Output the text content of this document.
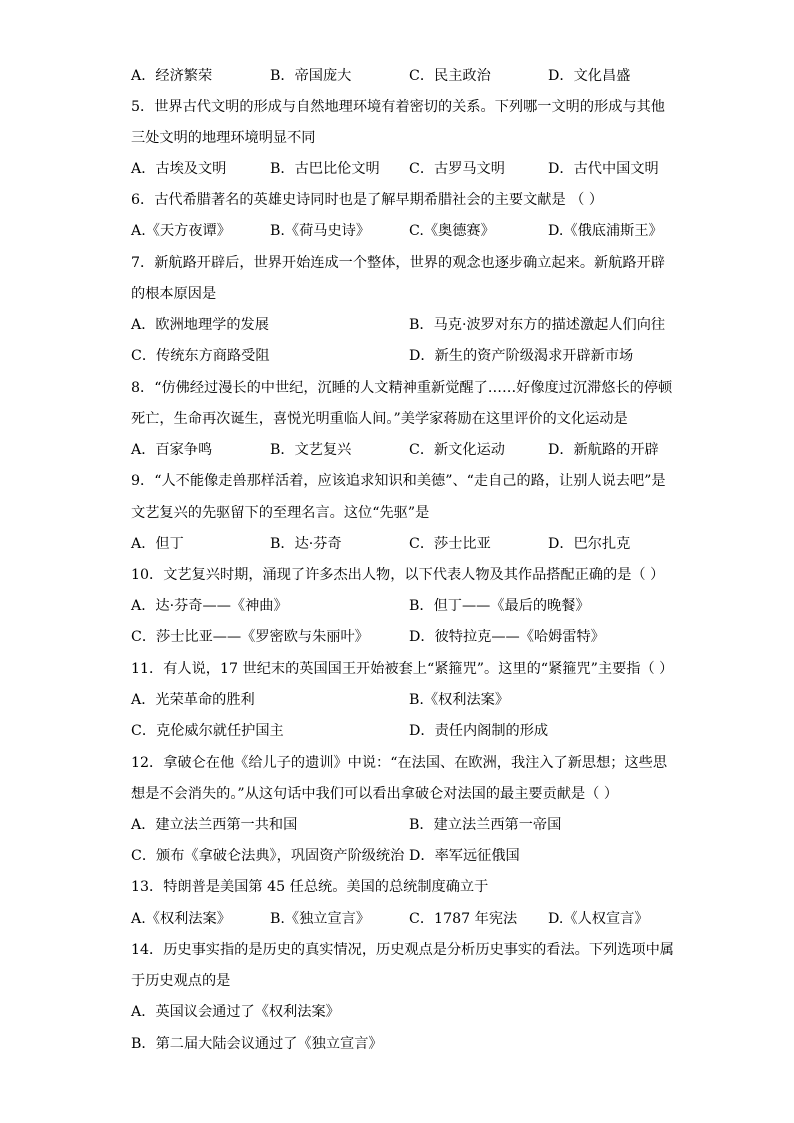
A．经济繁荣	B．帝国庞大	C．民主政治	D．文化昌盛
5．世界古代文明的形成与自然地理环境有着密切的关系。下列哪一文明的形成与其他
三处文明的地理环境明显不同
A．古埃及文明	B．古巴比伦文明 C．古罗马文明	D．古代中国文明
6．古代希腊著名的英雄史诗同时也是了解早期希腊社会的主要文献是 （ ）
A.《天方夜谭》	B.《荷马史诗》	C.《奥德赛》	D.《俄底浦斯王》
7．新航路开辟后，世界开始连成一个整体，世界的观念也逐步确立起来。新航路开辟
的根本原因是
A．欧洲地理学的发展	B．马克·波罗对东方的描述激起人们向往
C．传统东方商路受阻	D．新生的资产阶级渴求开辟新市场
8．“仿佛经过漫长的中世纪，沉睡的人文精神重新觉醒了……好像度过沉滞悠长的停顿
死亡，生命再次诞生，喜悦光明重临人间。”美学家蒋励在这里评价的文化运动是
A．百家争鸣	B．文艺复兴	C．新文化运动	D．新航路的开辟
9．“人不能像走兽那样活着，应该追求知识和美德”、“走自己的路，让别人说去吧”是
文艺复兴的先驱留下的至理名言。这位“先驱”是
A．但丁	B．达·芬奇	C．莎士比亚	D．巴尔扎克
10．文艺复兴时期，涌现了许多杰出人物，以下代表人物及其作品搭配正确的是（ ）
A．达·芬奇——《神曲》	B．但丁——《最后的晚餐》
C．莎士比亚——《罗密欧与朱丽叶》	D．彼特拉克——《哈姆雷特》
11．有人说，17 世纪末的英国国王开始被套上“紧箍咒”。这里的“紧箍咒”主要指（ ）
A．光荣革命的胜利	B.《权利法案》
C．克伦威尔就任护国主	D．责任内阁制的形成
12．拿破仑在他《给儿子的遗训》中说：“在法国、在欧洲，我注入了新思想；这些思
想是不会消失的。”从这句话中我们可以看出拿破仑对法国的最主要贡献是（ ）
A．建立法兰西第一共和国	B．建立法兰西第一帝国
C．颁布《拿破仑法典》，巩固资产阶级统治 D．率军远征俄国
13．特朗普是美国第 45 任总统。美国的总统制度确立于
A.《权利法案》	B.《独立宣言》	C．1787 年宪法 D.《人权宣言》
14．历史事实指的是历史的真实情况，历史观点是分析历史事实的看法。下列选项中属
于历史观点的是
A．英国议会通过了《权利法案》
B．第二届大陆会议通过了《独立宣言》
